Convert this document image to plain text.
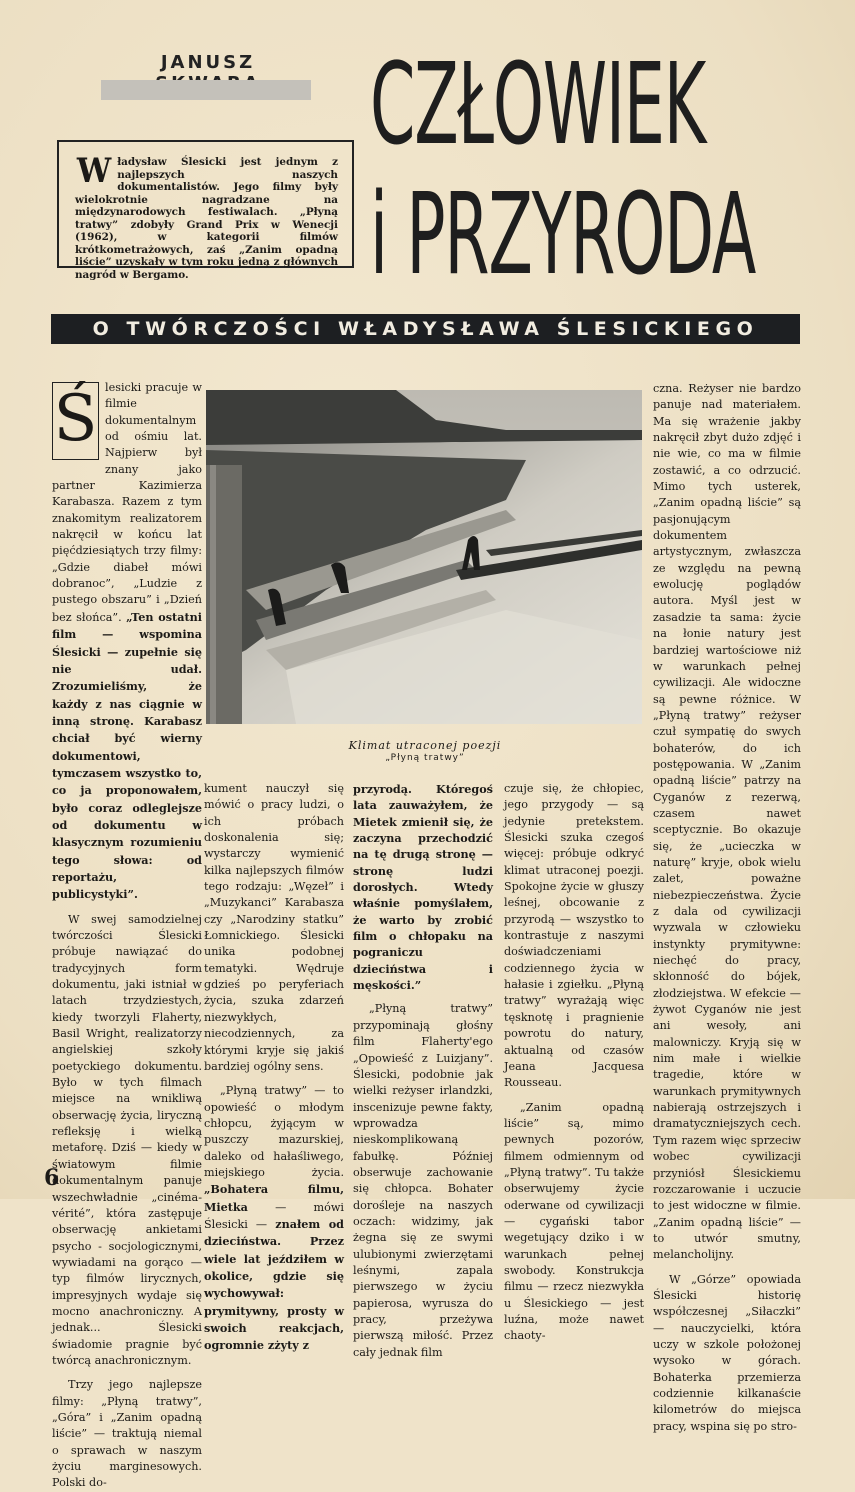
JANUSZ
Władysław Ślesicki jest jednym z najlepszych naszych dokumentalistów. Jego filmy były wielokrotnie nagradzane na międzynarodowych festiwalach. „Płyną tratwy” zdobyły Grand Prix w Wenecji (1962), w kategorii filmów krótkometrażowych, zaś „Zanim opadną liście” uzyskały w tym roku jedną z głównych nagród w Bergamo.
CZŁOWIEK
i PRZYRODA
O TWÓRCZOŚCI WŁADYSŁAWA ŚLESICKIEGO

Ś lesicki pracuje w filmie dokumentalnym od ośmiu lat. Najpierw był znany jako partner Kazimierza Karabasza. Razem z tym znakomitym realizatorem nakręcił w końcu lat pięćdziesiątych trzy filmy: „Gdzie diabeł mówi dobranoc”, „Ludzie z pustego obszaru” i „Dzień bez słońca”. „Ten ostatni film — wspomina Ślesicki — zupełnie się nie udał. Zrozumieliśmy, że każdy z nas ciągnie w inną stronę. Karabasz chciał być wierny dokumentowi, tymczasem wszystko to, co ja proponowałem, było coraz odleglejsze od dokumentu w klasycznym rozumieniu tego słowa: od reportażu, publicystyki”.

W swej samodzielnej twórczości Ślesicki próbuje nawiązać do tradycyjnych form dokumentu, jaki istniał w latach trzydziestych, kiedy tworzyli Flaherty, Basil Wright, realizatorzy angielskiej szkoły poetyckiego dokumentu. Było w tych filmach miejsce na wnikliwą obserwację życia, liryczną refleksję i wielką metaforę. Dziś — kiedy w światowym filmie dokumentalnym panuje wszechwładnie „cinéma-vérité”, która zastępuje obserwację ankietami psycho - socjologicznymi, wywiadami na gorąco — typ filmów lirycznych, impresyjnych wydaje się mocno anachroniczny. A jednak... Ślesicki świadomie pragnie być twórcą anachronicznym.

Trzy jego najlepsze filmy: „Płyną tratwy”, „Góra” i „Zanim opadną liście” — traktują niemal o sprawach w naszym życiu marginesowych. Polski do-

Klimat utraconej poezji
„Płyną tratwy”

kument nauczył się mówić o pracy ludzi, o ich próbach doskonalenia się; wystarczy wymienić kilka najlepszych filmów tego rodzaju: „Węzeł” i „Muzykanci” Karabasza czy „Narodziny statku” Łomnickiego. Ślesicki unika podobnej tematyki. Wędruje gdzieś po peryferiach życia, szuka zdarzeń niezwykłych, niecodziennych, za którymi kryje się jakiś bardziej ogólny sens.

„Płyną tratwy” — to opowieść o młodym chłopcu, żyjącym w puszczy mazurskiej, daleko od hałaśliwego, miejskiego życia. „Bohatera filmu, Mietka — mówi Ślesicki — znałem od dzieciństwa. Przez wiele lat jeździłem w okolice, gdzie się wychowywał: prymitywny, prosty w swoich reakcjach, ogromnie zżyty z

przyrodą. Któregoś lata zauważyłem, że Mietek zmienił się, że zaczyna przechodzić na tę drugą stronę — stronę ludzi dorosłych. Wtedy właśnie pomyślałem, że warto by zrobić film o chłopaku na pograniczu dzieciństwa i męskości.”

„Płyną tratwy” przypominają głośny film Flaherty'ego „Opowieść z Luizjany”. Ślesicki, podobnie jak wielki reżyser irlandzki, inscenizuje pewne fakty, wprowadza nieskomplikowaną fabułkę. Później obserwuje zachowanie się chłopca. Bohater dorośleje na naszych oczach: widzimy, jak żegna się ze swymi ulubionymi zwierzętami leśnymi, zapala pierwszego w życiu papierosa, wyrusza do pracy, przeżywa pierwszą miłość. Przez cały jednak film

czuje się, że chłopiec, jego przygody — są jedynie pretekstem. Ślesicki szuka czegoś więcej: próbuje odkryć klimat utraconej poezji. Spokojne życie w głuszy leśnej, obcowanie z przyrodą — wszystko to kontrastuje z naszymi doświadczeniami codziennego życia w hałasie i zgiełku. „Płyną tratwy” wyrażają więc tęsknotę i pragnienie powrotu do natury, aktualną od czasów Jeana Jacquesa Rousseau.

„Zanim opadną liście” są, mimo pewnych pozorów, filmem odmiennym od „Płyną tratwy”. Tu także obserwujemy życie oderwane od cywilizacji — cygański tabor wegetujący dziko i w warunkach pełnej swobody. Konstrukcja filmu — rzecz niezwykła u Ślesickiego — jest luźna, może nawet chaoty-

czna. Reżyser nie bardzo panuje nad materiałem. Ma się wrażenie jakby nakręcił zbyt dużo zdjęć i nie wie, co ma w filmie zostawić, a co odrzucić. Mimo tych usterek, „Zanim opadną liście” są pasjonującym dokumentem artystycznym, zwłaszcza ze względu na pewną ewolucję poglądów autora. Myśl jest w zasadzie ta sama: życie na łonie natury jest bardziej wartościowe niż w warunkach pełnej cywilizacji. Ale widoczne są pewne różnice. W „Płyną tratwy” reżyser czuł sympatię do swych bohaterów, do ich postępowania. W „Zanim opadną liście” patrzy na Cyganów z rezerwą, czasem nawet sceptycznie. Bo okazuje się, że „ucieczka w naturę” kryje, obok wielu zalet, poważne niebezpieczeństwa. Życie z dala od cywilizacji wyzwala w człowieku instynkty prymitywne: niechęć do pracy, skłonność do bójek, złodziejstwa. W efekcie — żywot Cyganów nie jest ani wesoły, ani malowniczy. Kryją się w nim małe i wielkie tragedie, które w warunkach prymitywnych nabierają ostrzejszych i dramatyczniejszych cech. Tym razem więc sprzeciw wobec cywilizacji przyniósł Ślesickiemu rozczarowanie i uczucie to jest widoczne w filmie. „Zanim opadną liście” — to utwór smutny, melancholijny.

W „Górze” opowiada Ślesicki historię współczesnej „Siłaczki” — nauczycielki, która uczy w szkole położonej wysoko w górach. Bohaterka przemierza codziennie kilkanaście kilometrów do miejsca pracy, wspina się po stro-

6
